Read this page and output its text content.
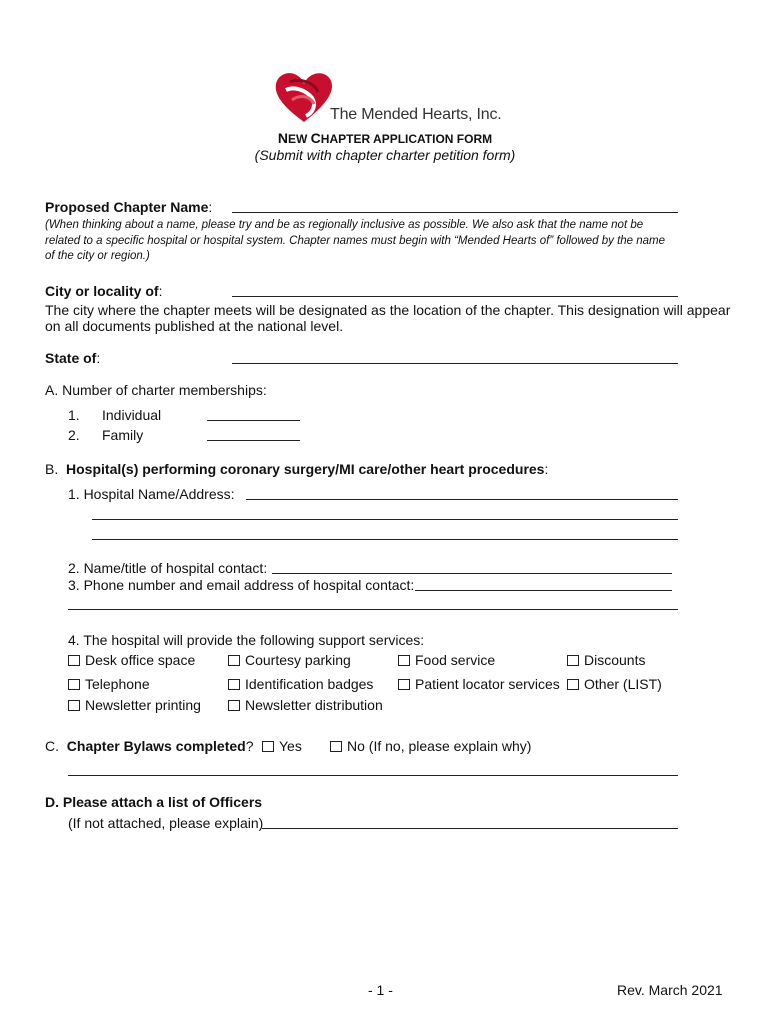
The Mended Hearts, Inc.
NEW CHAPTER APPLICATION FORM
(Submit with chapter charter petition form)
Proposed Chapter Name:
(When thinking about a name, please try and be as regionally inclusive as possible. We also ask that the name not be
related to a specific hospital or hospital system. Chapter names must begin with “Mended Hearts of” followed by the name
of the city or region.)
City or locality of:
The city where the chapter meets will be designated as the location of the chapter. This designation will appear
on all documents published at the national level.
State of:
A. Number of charter memberships:
1. Individual
2. Family
B. Hospital(s) performing coronary surgery/MI care/other heart procedures:
1. Hospital Name/Address:
2. Name/title of hospital contact:
3. Phone number and email address of hospital contact:
4. The hospital will provide the following support services:
Desk office space	Courtesy parking	Food service	Discounts
Telephone	Identification badges	Patient locator services	Other (LIST)
Newsletter printing	Newsletter distribution
C. Chapter Bylaws completed?	Yes	No (If no, please explain why)
D. Please attach a list of Officers
(If not attached, please explain)
- 1 -	Rev. March 2021
